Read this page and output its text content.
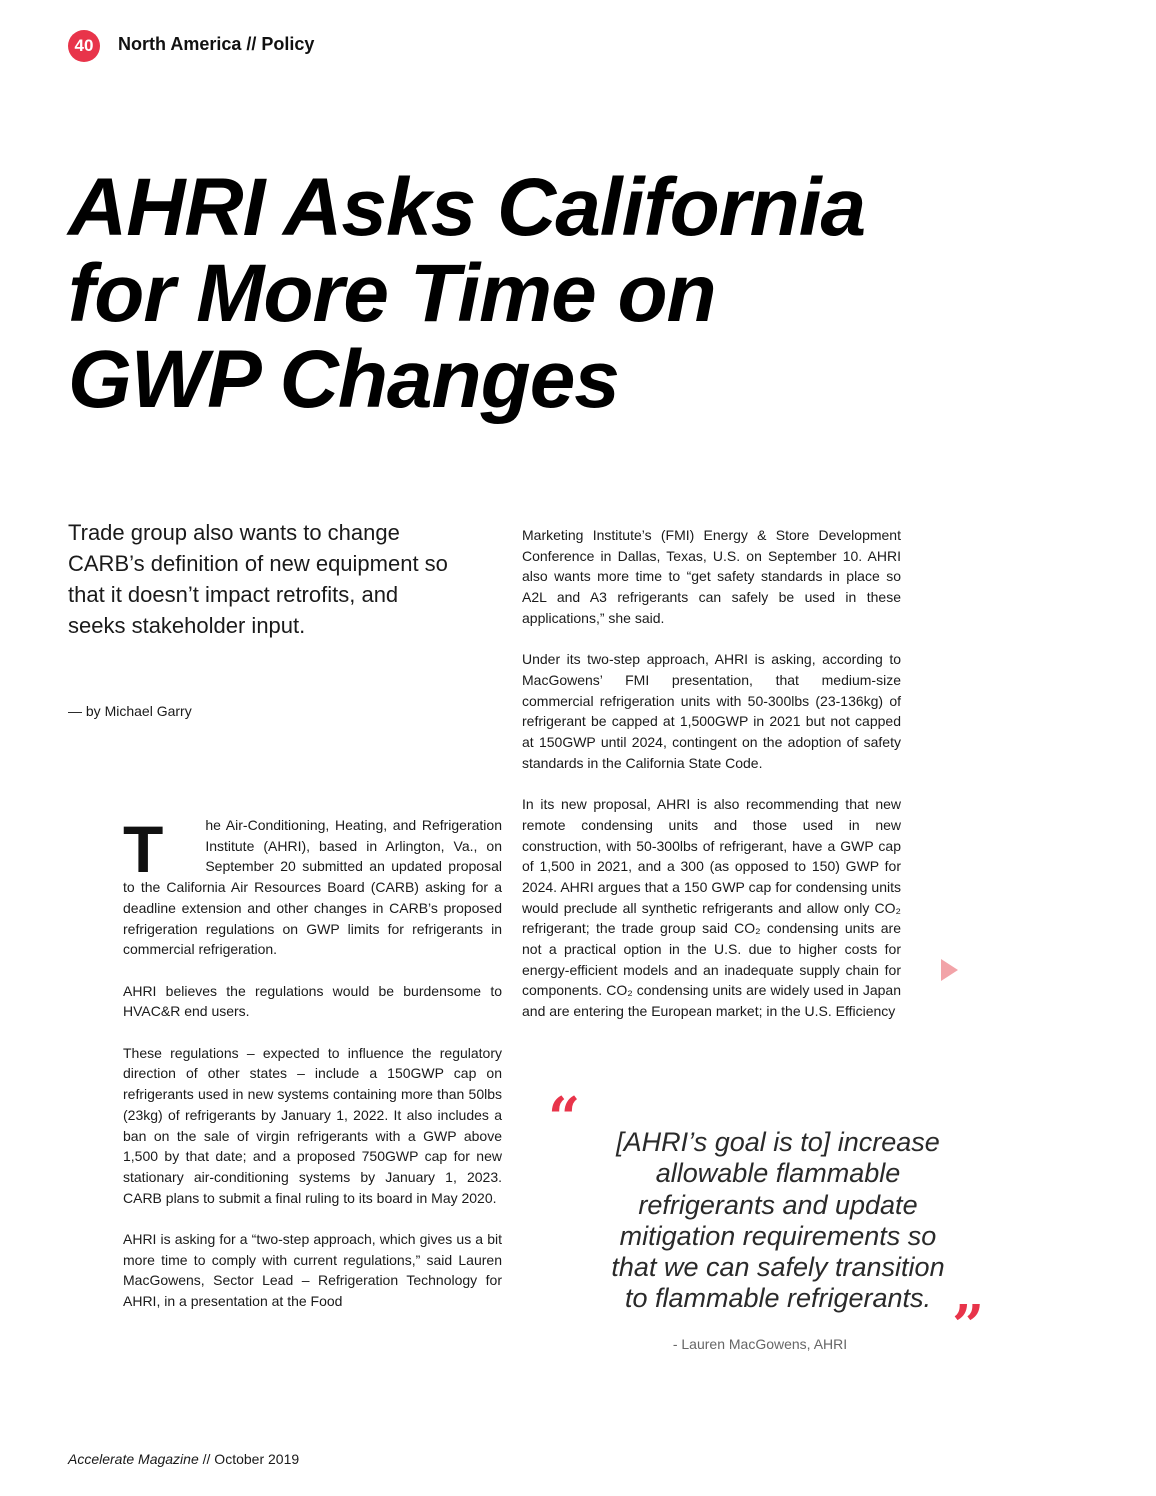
40	North America // Policy
AHRI Asks California
for More Time on
GWP Changes

Trade group also wants to change CARB’s definition of new equipment so that it doesn’t impact retrofits, and seeks stakeholder input.

— by Michael Garry

T	he Air-Conditioning, Heating, and Refrigeration Institute (AHRI), based in Arlington, Va., on September 20 submitted an updated proposal to the California Air Resources Board (CARB) asking for a deadline extension and other changes in CARB’s proposed refrigeration regulations on GWP limits for refrigerants in commercial refrigeration.

AHRI believes the regulations would be burdensome to HVAC&R end users.

These regulations – expected to influence the regulatory direction of other states – include a 150GWP cap on refrigerants used in new systems containing more than 50lbs (23kg) of refrigerants by January 1, 2022. It also includes a ban on the sale of virgin refrigerants with a GWP above 1,500 by that date; and a proposed 750GWP cap for new stationary air-conditioning systems by January 1, 2023. CARB plans to submit a final ruling to its board in May 2020.

AHRI is asking for a “two-step approach, which gives us a bit more time to comply with current regulations,” said Lauren MacGowens, Sector Lead – Refrigeration Technology for AHRI, in a presentation at the Food

Marketing Institute’s (FMI) Energy & Store Development Conference in Dallas, Texas, U.S. on September 10. AHRI also wants more time to “get safety standards in place so A2L and A3 refrigerants can safely be used in these applications,” she said.

Under its two-step approach, AHRI is asking, according to MacGowens’ FMI presentation, that medium-size commercial refrigeration units with 50-300lbs (23-136kg) of refrigerant be capped at 1,500GWP in 2021 but not capped at 150GWP until 2024, contingent on the adoption of safety standards in the California State Code.

In its new proposal, AHRI is also recommending that new remote condensing units and those used in new construction, with 50-300lbs of refrigerant, have a GWP cap of 1,500 in 2021, and a 300 (as opposed to 150) GWP for 2024. AHRI argues that a 150 GWP cap for condensing units would preclude all synthetic refrigerants and allow only CO₂ refrigerant; the trade group said CO₂ condensing units are not a practical option in the U.S. due to higher costs for energy-efficient models and an inadequate supply chain for components. CO₂ condensing units are widely used in Japan and are entering the European market; in the U.S. Efficiency

“	[AHRI’s goal is to] increase allowable flammable refrigerants and update mitigation requirements so that we can safely transition to flammable refrigerants. ”
- Lauren MacGowens, AHRI
Accelerate Magazine // October 2019
